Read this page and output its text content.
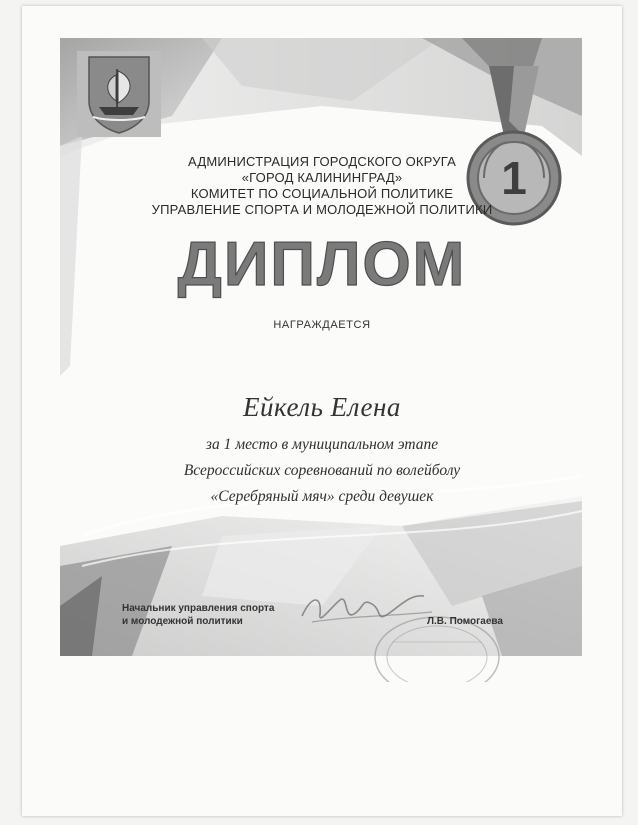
1
АДМИНИСТРАЦИЯ ГОРОДСКОГО ОКРУГА
«ГОРОД КАЛИНИНГРАД»
КОМИТЕТ ПО СОЦИАЛЬНОЙ ПОЛИТИКЕ
УПРАВЛЕНИЕ СПОРТА И МОЛОДЕЖНОЙ ПОЛИТИКИ
ДИПЛОМ
НАГРАЖДАЕТСЯ
Ейкель Елена
за 1 место в муниципальном этапе
Всероссийских соревнований по волейболу
«Серебряный мяч» среди девушек
Начальник управления спорта
и молодежной политики	Л.В. Помогаева
